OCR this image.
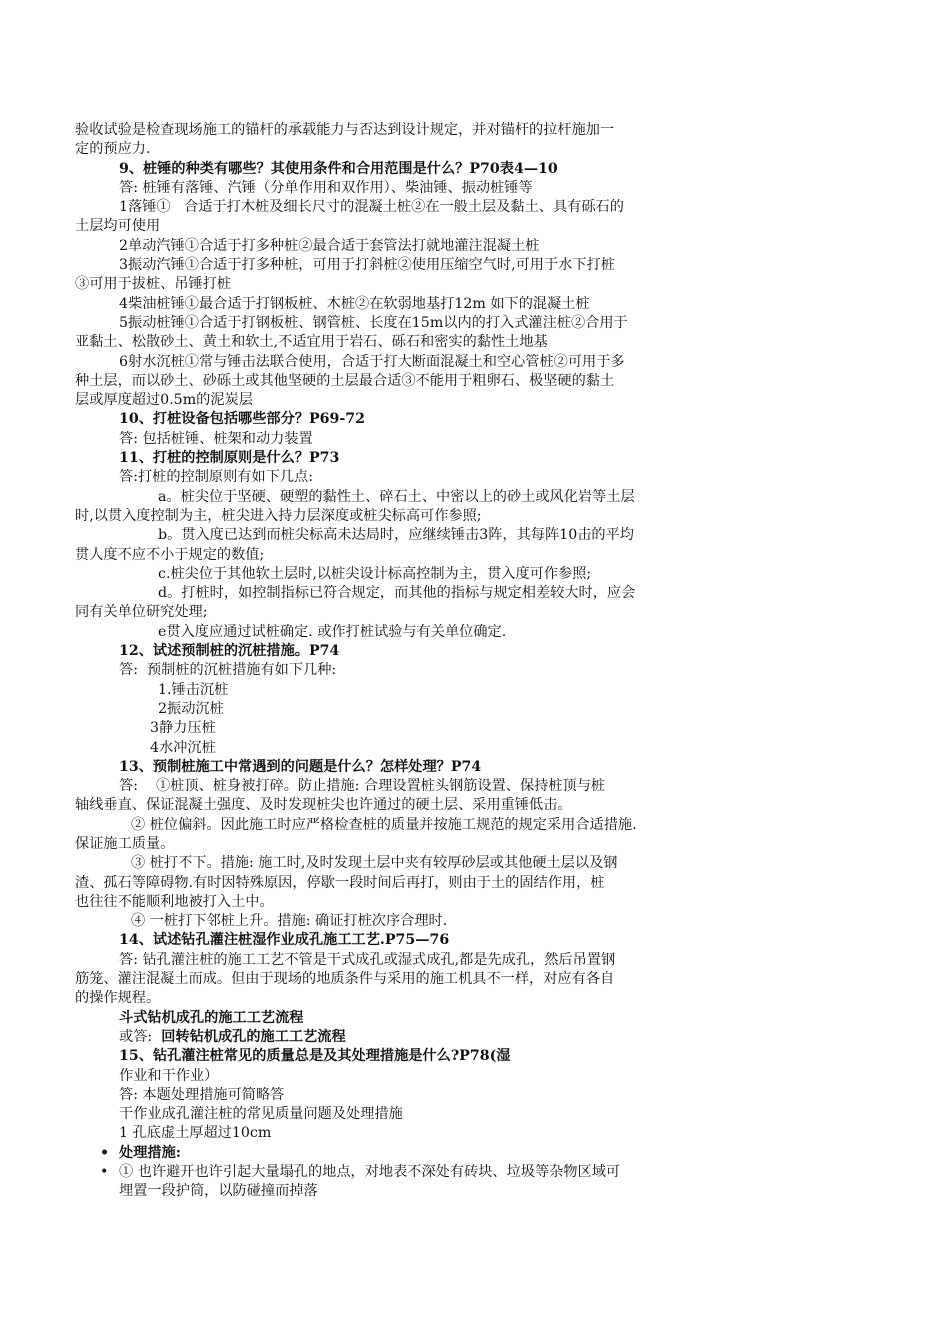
验收试验是检查现场施工的锚杆的承载能力与否达到设计规定，并对锚杆的拉杆施加一

定的预应力.

9、桩锤的种类有哪些？其使用条件和合用范围是什么？P70表4—10

答: 桩锤有落锤、汽锤（分单作用和双作用）、柴油锤、振动桩锤等

1落锤①   合适于打木桩及细长尺寸的混凝土桩②在一般土层及黏土、具有砾石的

土层均可使用

2单动汽锤①合适于打多种桩②最合适于套管法打就地灌注混凝土桩

3振动汽锤①合适于打多种桩，可用于打斜桩②使用压缩空气时,可用于水下打桩

③可用于拔桩、吊锤打桩

4柴油桩锤①最合适于打钢板桩、木桩②在软弱地基打12m 如下的混凝土桩

5振动桩锤①合适于打钢板桩、钢管桩、长度在15m以内的打入式灌注桩②合用于

亚黏土、松散砂土、黄土和软土,不适宜用于岩石、砾石和密实的黏性土地基

6射水沉桩①常与锤击法联合使用，合适于打大断面混凝土和空心管桩②可用于多

种土层，而以砂土、砂砾土或其他坚硬的土层最合适③不能用于粗卵石、极坚硬的黏土

层或厚度超过0.5m的泥炭层

10、打桩设备包括哪些部分？P69-72

答: 包括桩锤、桩架和动力装置

11、打桩的控制原则是什么？P73

答:打桩的控制原则有如下几点:

a。桩尖位于坚硬、硬塑的黏性土、碎石土、中密以上的砂土或风化岩等土层

时,以贯入度控制为主，桩尖进入持力层深度或桩尖标高可作参照;

b。贯入度已达到而桩尖标高未达局时，应继续锤击3阵，其每阵10击的平均

贯人度不应不小于规定的数值;

c.桩尖位于其他软土层时,以桩尖设计标高控制为主，贯入度可作参照;

d。打桩时，如控制指标已符合规定，而其他的指标与规定相差较大时，应会

同有关单位研究处理;

e贯入度应通过试桩确定. 或作打桩试验与有关单位确定.

12、试述预制桩的沉桩措施。P74

答:  预制桩的沉桩措施有如下几种:

1.锤击沉桩

2振动沉桩

3静力压桩

4水冲沉桩

13、预制桩施工中常遇到的问题是什么？怎样处理？P74

答:    ①桩顶、桩身被打碎。防止措施: 合理设置桩头钢筋设置、保持桩顶与桩

轴线垂直、保证混凝土强度、及时发现桩尖也许通过的硬土层、采用重锤低击。

② 桩位偏斜。因此施工时应严格检查桩的质量并按施工规范的规定采用合适措施.

保证施工质量。

③ 桩打不下。措施: 施工时,及时发现土层中夹有较厚砂层或其他硬土层以及钢

渣、孤石等障碍物.有时因特殊原因，停歇一段时间后再打，则由于土的固结作用，桩

也往往不能顺利地被打入土中。

④ 一桩打下邻桩上升。措施: 确证打桩次序合理时.

14、试述钻孔灌注桩湿作业成孔施工工艺.P75—76

答: 钻孔灌注桩的施工工艺不管是干式成孔或湿式成孔,都是先成孔，然后吊置钢

筋笼、灌注混凝土而成。但由于现场的地质条件与采用的施工机具不一样，对应有各自

的操作规程。

斗式钻机成孔的施工工艺流程

或答:  回转钻机成孔的施工工艺流程

15、钻孔灌注桩常见的质量总是及其处理措施是什么?P78(湿

作业和干作业）

答: 本题处理措施可简略答

干作业成孔灌注桩的常见质量问题及处理措施

1 孔底虚土厚超过10cm

• 处理措施:

• ① 也许避开也许引起大量塌孔的地点，对地表不深处有砖块、垃圾等杂物区域可

埋置一段护筒，以防碰撞而掉落
